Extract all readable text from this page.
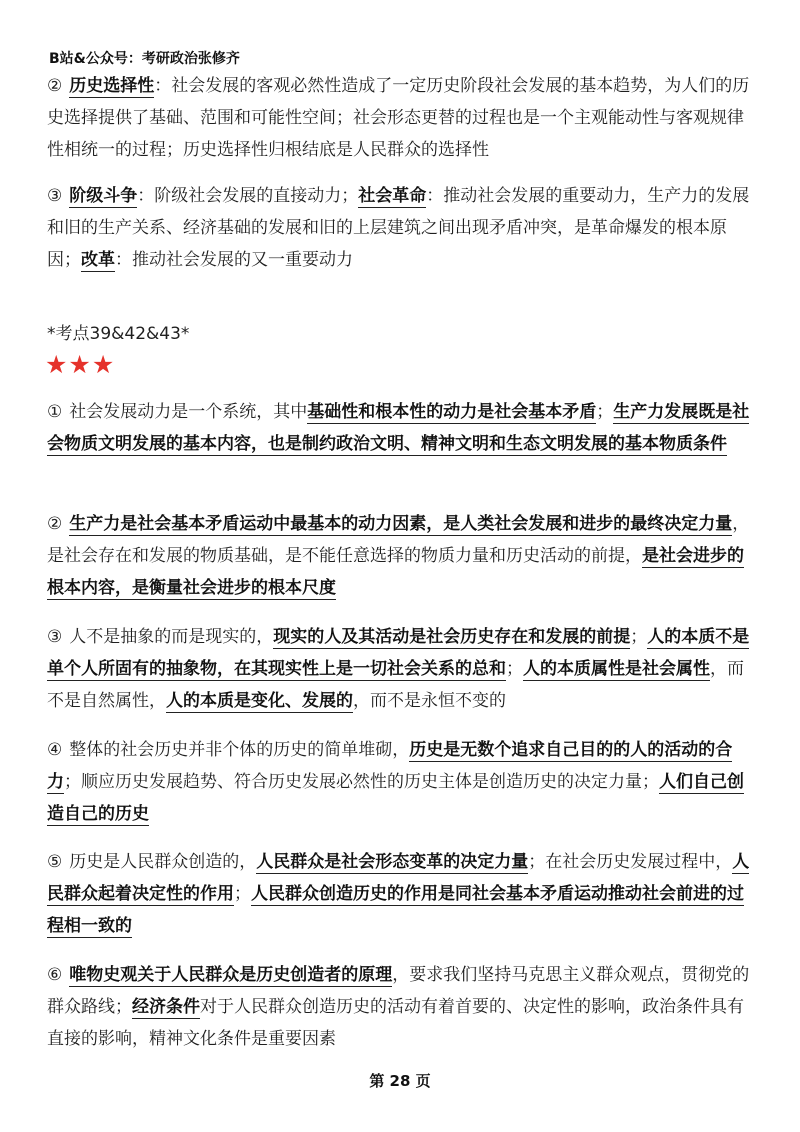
B站&公众号：考研政治张修齐
② 历史选择性：社会发展的客观必然性造成了一定历史阶段社会发展的基本趋势，为人们的历史选择提供了基础、范围和可能性空间；社会形态更替的过程也是一个主观能动性与客观规律性相统一的过程；历史选择性归根结底是人民群众的选择性
③ 阶级斗争：阶级社会发展的直接动力；社会革命：推动社会发展的重要动力，生产力的发展和旧的生产关系、经济基础的发展和旧的上层建筑之间出现矛盾冲突，是革命爆发的根本原因；改革：推动社会发展的又一重要动力
*考点39&42&43*
★★★
① 社会发展动力是一个系统，其中基础性和根本性的动力是社会基本矛盾；生产力发展既是社会物质文明发展的基本内容，也是制约政治文明、精神文明和生态文明发展的基本物质条件
② 生产力是社会基本矛盾运动中最基本的动力因素，是人类社会发展和进步的最终决定力量，是社会存在和发展的物质基础，是不能任意选择的物质力量和历史活动的前提，是社会进步的根本内容，是衡量社会进步的根本尺度
③ 人不是抽象的而是现实的，现实的人及其活动是社会历史存在和发展的前提；人的本质不是单个人所固有的抽象物，在其现实性上是一切社会关系的总和；人的本质属性是社会属性，而不是自然属性，人的本质是变化、发展的，而不是永恒不变的
④ 整体的社会历史并非个体的历史的简单堆砌，历史是无数个追求自己目的的人的活动的合力；顺应历史发展趋势、符合历史发展必然性的历史主体是创造历史的决定力量；人们自己创造自己的历史
⑤ 历史是人民群众创造的，人民群众是社会形态变革的决定力量；在社会历史发展过程中，人民群众起着决定性的作用；人民群众创造历史的作用是同社会基本矛盾运动推动社会前进的过程相一致的
⑥ 唯物史观关于人民群众是历史创造者的原理，要求我们坚持马克思主义群众观点，贯彻党的群众路线；经济条件对于人民群众创造历史的活动有着首要的、决定性的影响，政治条件具有直接的影响，精神文化条件是重要因素
第 28 页
